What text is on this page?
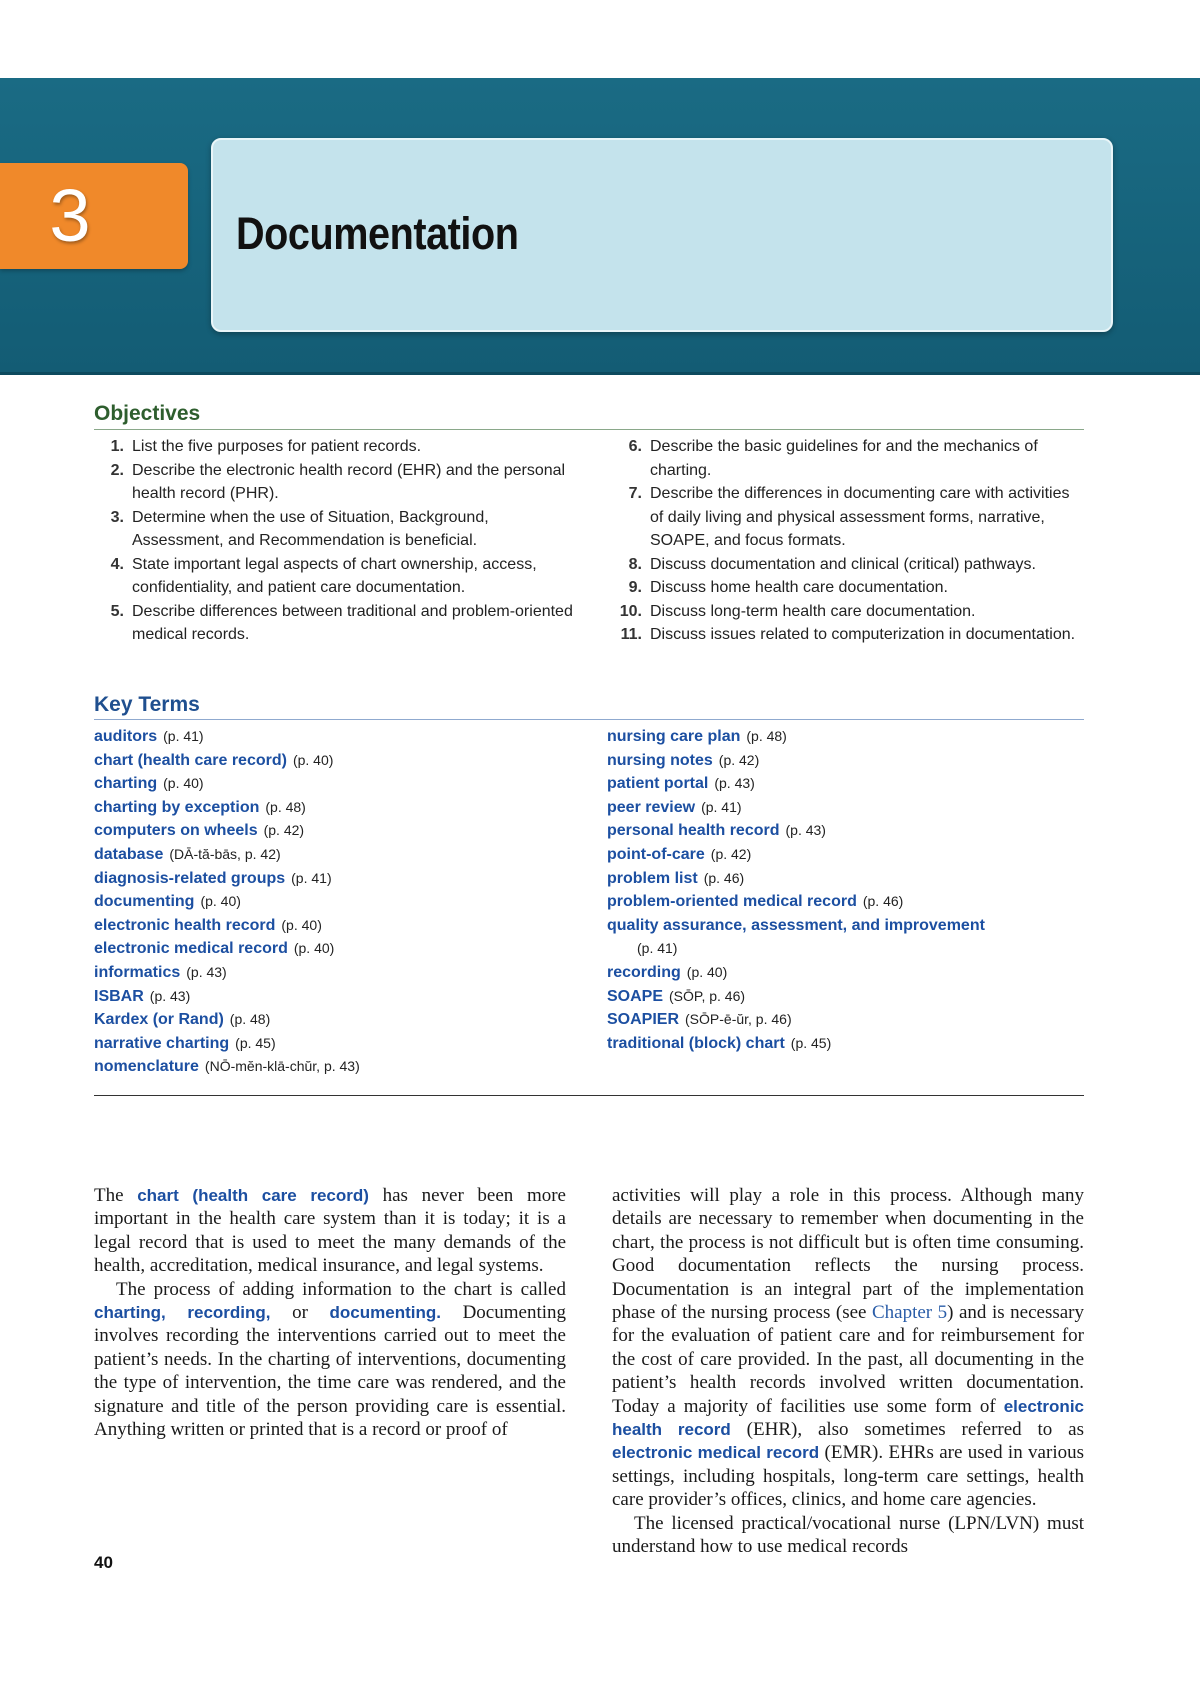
3	Documentation
Objectives
1. List the five purposes for patient records.
2. Describe the electronic health record (EHR) and the personal health record (PHR).
3. Determine when the use of Situation, Background, Assessment, and Recommendation is beneficial.
4. State important legal aspects of chart ownership, access, confidentiality, and patient care documentation.
5. Describe differences between traditional and problem-oriented medical records.
6. Describe the basic guidelines for and the mechanics of charting.
7. Describe the differences in documenting care with activities of daily living and physical assessment forms, narrative, SOAPE, and focus formats.
8. Discuss documentation and clinical (critical) pathways.
9. Discuss home health care documentation.
10. Discuss long-term health care documentation.
11. Discuss issues related to computerization in documentation.
Key Terms
auditors (p. 41)
chart (health care record) (p. 40)
charting (p. 40)
charting by exception (p. 48)
computers on wheels (p. 42)
database (DĀ-tă-bās, p. 42)
diagnosis-related groups (p. 41)
documenting (p. 40)
electronic health record (p. 40)
electronic medical record (p. 40)
informatics (p. 43)
ISBAR (p. 43)
Kardex (or Rand) (p. 48)
narrative charting (p. 45)
nomenclature (NŌ-mĕn-klā-chŭr, p. 43)
nursing care plan (p. 48)
nursing notes (p. 42)
patient portal (p. 43)
peer review (p. 41)
personal health record (p. 43)
point-of-care (p. 42)
problem list (p. 46)
problem-oriented medical record (p. 46)
quality assurance, assessment, and improvement
(p. 41)
recording (p. 40)
SOAPE (SŌP, p. 46)
SOAPIER (SŌP-ē-ŭr, p. 46)
traditional (block) chart (p. 45)

The chart (health care record) has never been more important in the health care system than it is today; it is a legal record that is used to meet the many demands of the health, accreditation, medical insurance, and legal systems.

The process of adding information to the chart is called charting, recording, or documenting. Documenting involves recording the interventions carried out to meet the patient’s needs. In the charting of interventions, documenting the type of intervention, the time care was rendered, and the signature and title of the person providing care is essential. Anything written or printed that is a record or proof of

activities will play a role in this process. Although many details are necessary to remember when documenting in the chart, the process is not difficult but is often time consuming. Good documentation reflects the nursing process. Documentation is an integral part of the implementation phase of the nursing process (see Chapter 5) and is necessary for the evaluation of patient care and for reimbursement for the cost of care provided. In the past, all documenting in the patient’s health records involved written documentation. Today a majority of facilities use some form of electronic health record (EHR), also sometimes referred to as electronic medical record (EMR). EHRs are used in various settings, including hospitals, long-term care settings, health care provider’s offices, clinics, and home care agencies.

The licensed practical/vocational nurse (LPN/LVN) must understand how to use medical records

40
